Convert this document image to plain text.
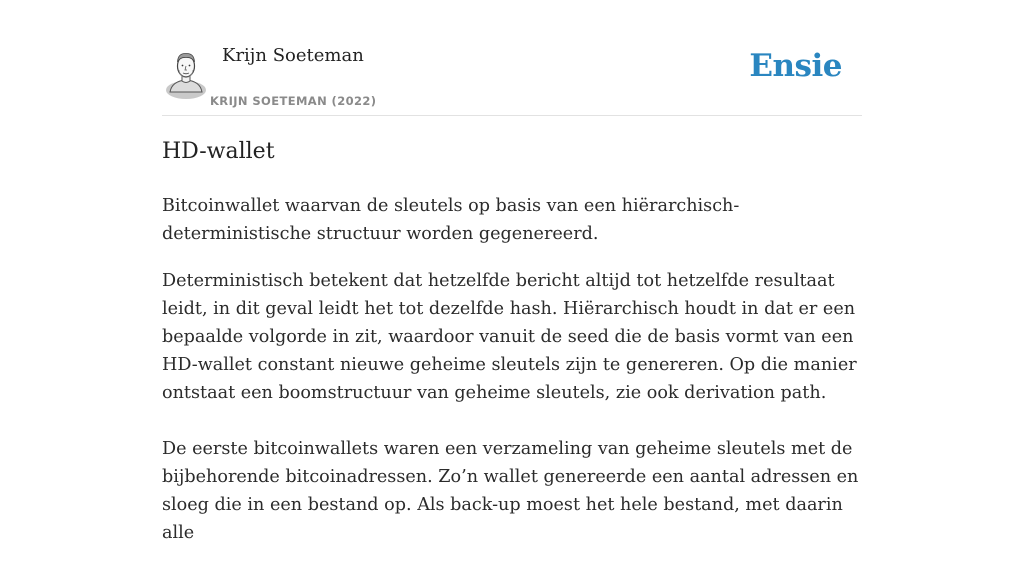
Krijn Soeteman
KRIJN SOETEMAN (2022)
Ensie
HD-wallet

Bitcoinwallet waarvan de sleutels op basis van een hiërarchisch-deterministische structuur worden gegenereerd.

Deterministisch betekent dat hetzelfde bericht altijd tot hetzelfde resultaat leidt, in dit geval leidt het tot dezelfde hash. Hiërarchisch houdt in dat er een bepaalde volgorde in zit, waardoor vanuit de seed die de basis vormt van een HD-wallet constant nieuwe geheime sleutels zijn te genereren. Op die manier ontstaat een boomstructuur van geheime sleutels, zie ook derivation path.

De eerste bitcoinwallets waren een verzameling van geheime sleutels met de bijbehorende bitcoinadressen. Zo’n wallet genereerde een aantal adressen en sloeg die in een bestand op. Als back-up moest het hele bestand, met daarin alle
